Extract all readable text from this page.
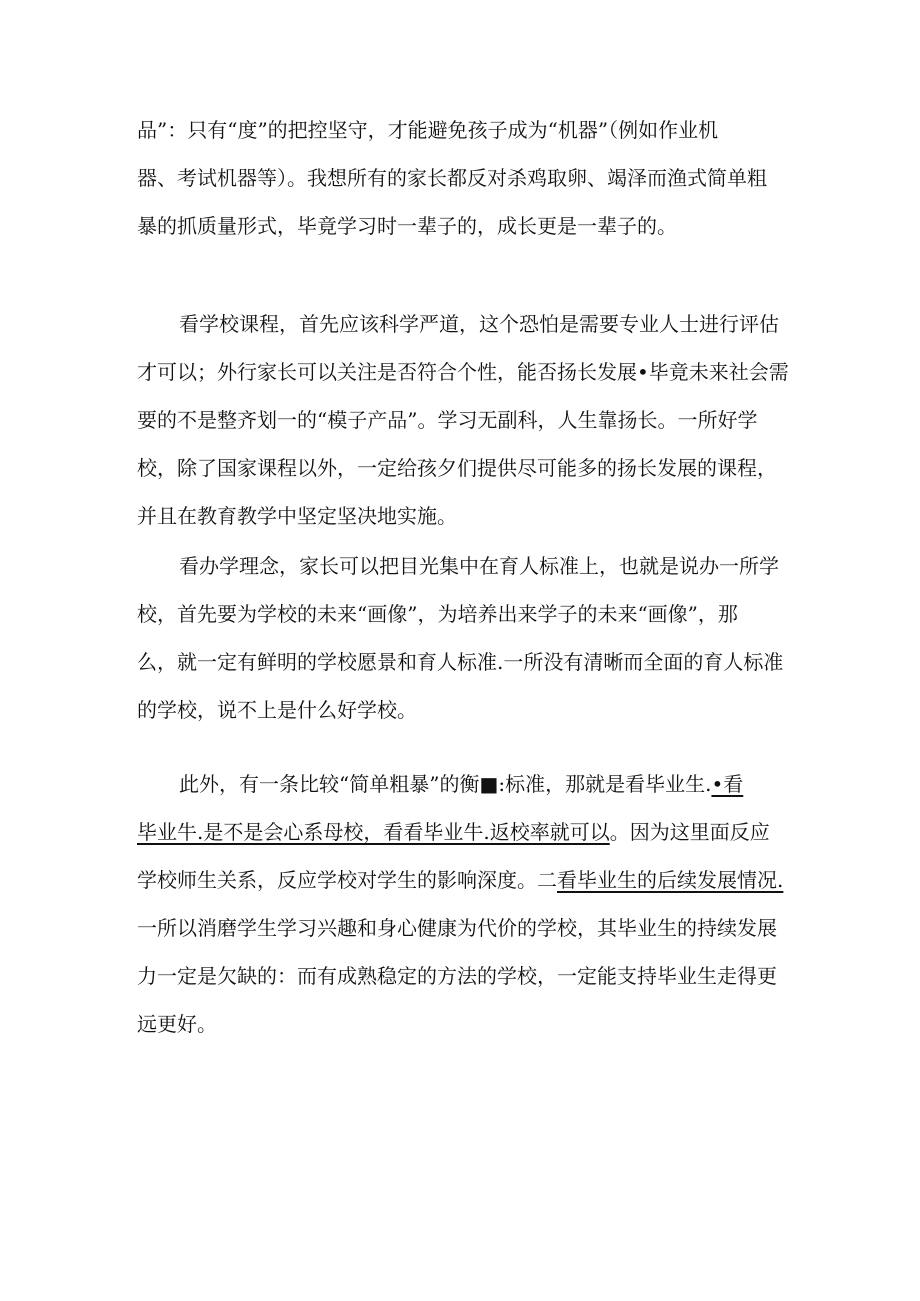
品”：只有“度”的把控坚守，才能避免孩子成为“机器”（例如作业机
器、考试机器等）。我想所有的家长都反对杀鸡取卵、竭泽而渔式简单粗
暴的抓质量形式，毕竟学习时一辈子的，成长更是一辈子的。
看学校课程，首先应该科学严道，这个恐怕是需要专业人士进行评估
才可以；外行家长可以关注是否符合个性，能否扬长发展•毕竟未来社会需
要的不是整齐划一的“模子产品”。学习无副科，人生靠扬长。一所好学
校，除了国家课程以外，一定给孩夕们提供尽可能多的扬长发展的课程，
并且在教育教学中坚定坚决地实施。
看办学理念，家长可以把目光集中在育人标准上，也就是说办一所学
校，首先要为学校的未来“画像”，为培养出来学子的未来“画像”，那
么，就一定有鲜明的学校愿景和育人标准.一所没有清晰而全面的育人标准
的学校，说不上是什么好学校。
此外，有一条比较“简单粗暴”的衡■:标准，那就是看毕业生.•看
毕业牛.是不是会心系母校，看看毕业牛.返校率就可以。因为这里面反应
学校师生关系，反应学校对学生的影响深度。二看毕业生的后续发展情况.
一所以消磨学生学习兴趣和身心健康为代价的学校，其毕业生的持续发展
力一定是欠缺的：而有成熟稳定的方法的学校，一定能支持毕业生走得更
远更好。
